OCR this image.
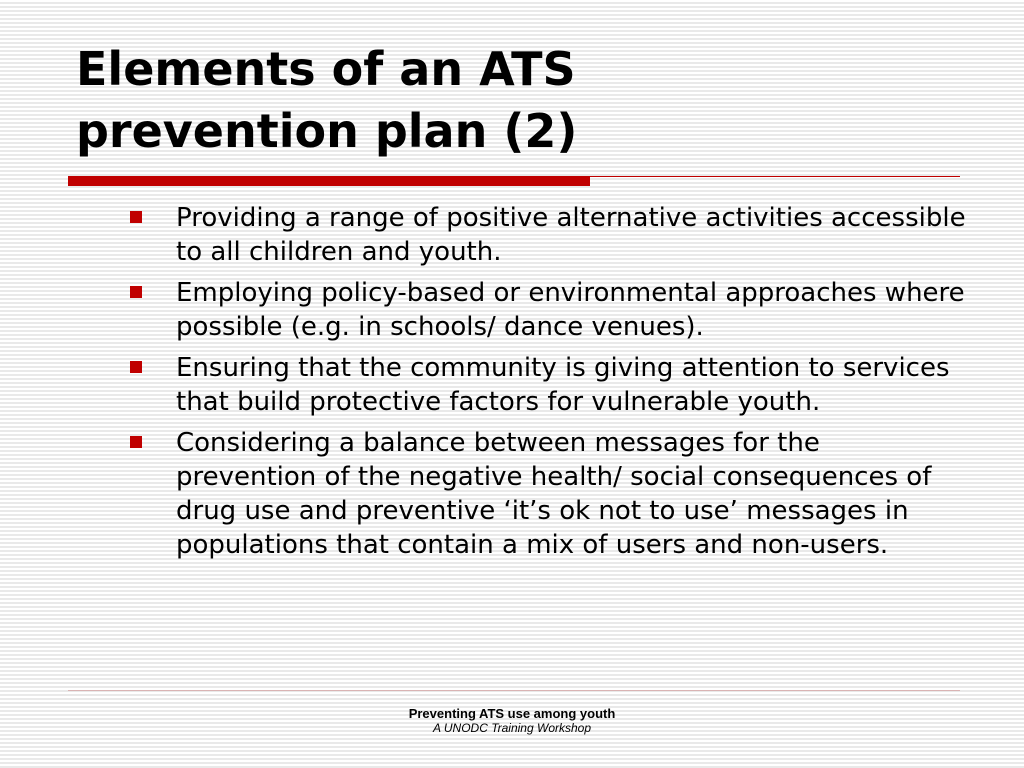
Elements of an ATS
prevention plan (2)
Providing a range of positive alternative activities accessible to all children and youth.
Employing policy-based or environmental approaches where possible (e.g. in schools/ dance venues).
Ensuring that the community is giving attention to services that build protective factors for vulnerable youth.
Considering a balance between messages for the prevention of the negative health/ social consequences of drug use and preventive ‘it’s ok not to use’ messages in populations that contain a mix of users and non-users.
Preventing ATS use among youth
A UNODC Training Workshop
